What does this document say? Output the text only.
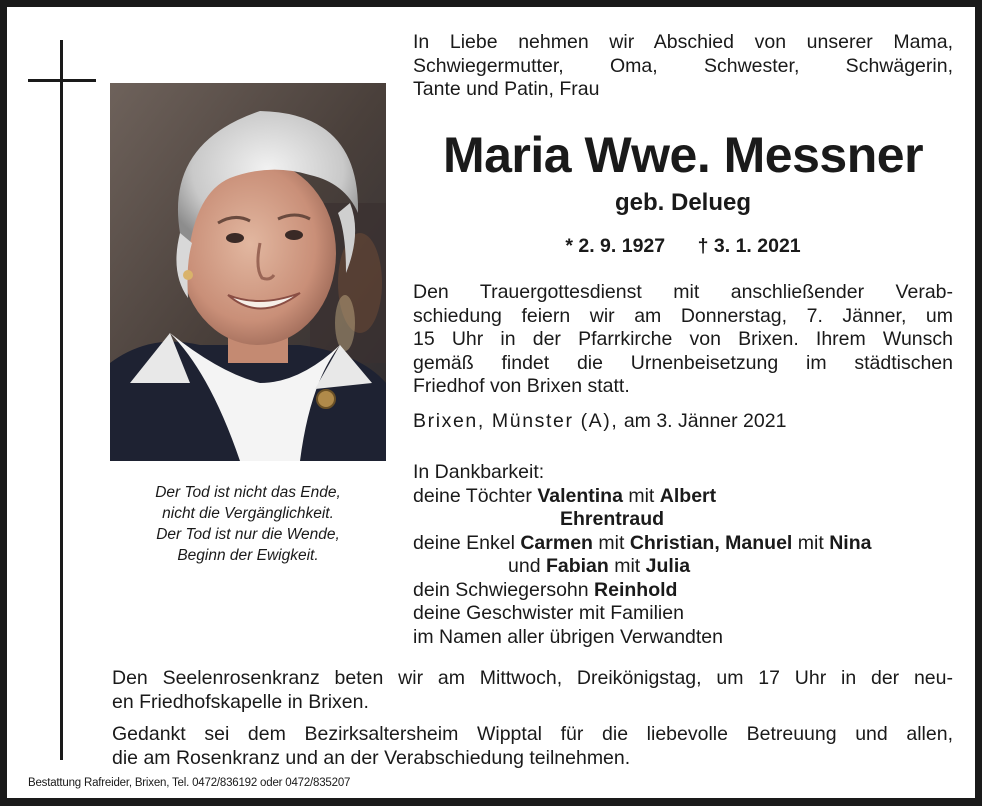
Der Tod ist nicht das Ende,
nicht die Vergänglichkeit.
Der Tod ist nur die Wende,
Beginn der Ewigkeit.
In Liebe nehmen wir Abschied von unserer Mama,
Schwiegermutter, Oma, Schwester, Schwägerin,
Tante und Patin, Frau
Maria Wwe. Messner
geb. Delueg
* 2. 9. 1927 † 3. 1. 2021
Den Trauergottesdienst mit anschließender Verab-
schiedung feiern wir am Donnerstag, 7. Jänner, um
15 Uhr in der Pfarrkirche von Brixen. Ihrem Wunsch
gemäß findet die Urnenbeisetzung im städtischen
Friedhof von Brixen statt.
Brixen, Münster (A), am 3. Jänner 2021
In Dankbarkeit:
deine Töchter Valentina mit Albert
Ehrentraud
deine Enkel Carmen mit Christian, Manuel mit Nina
und Fabian mit Julia
dein Schwiegersohn Reinhold
deine Geschwister mit Familien
im Namen aller übrigen Verwandten
Den Seelenrosenkranz beten wir am Mittwoch, Dreikönigstag, um 17 Uhr in der neu-
en Friedhofskapelle in Brixen.
Gedankt sei dem Bezirksaltersheim Wipptal für die liebevolle Betreuung und allen,
die am Rosenkranz und an der Verabschiedung teilnehmen.
Bestattung Rafreider, Brixen, Tel. 0472/836192 oder 0472/835207
